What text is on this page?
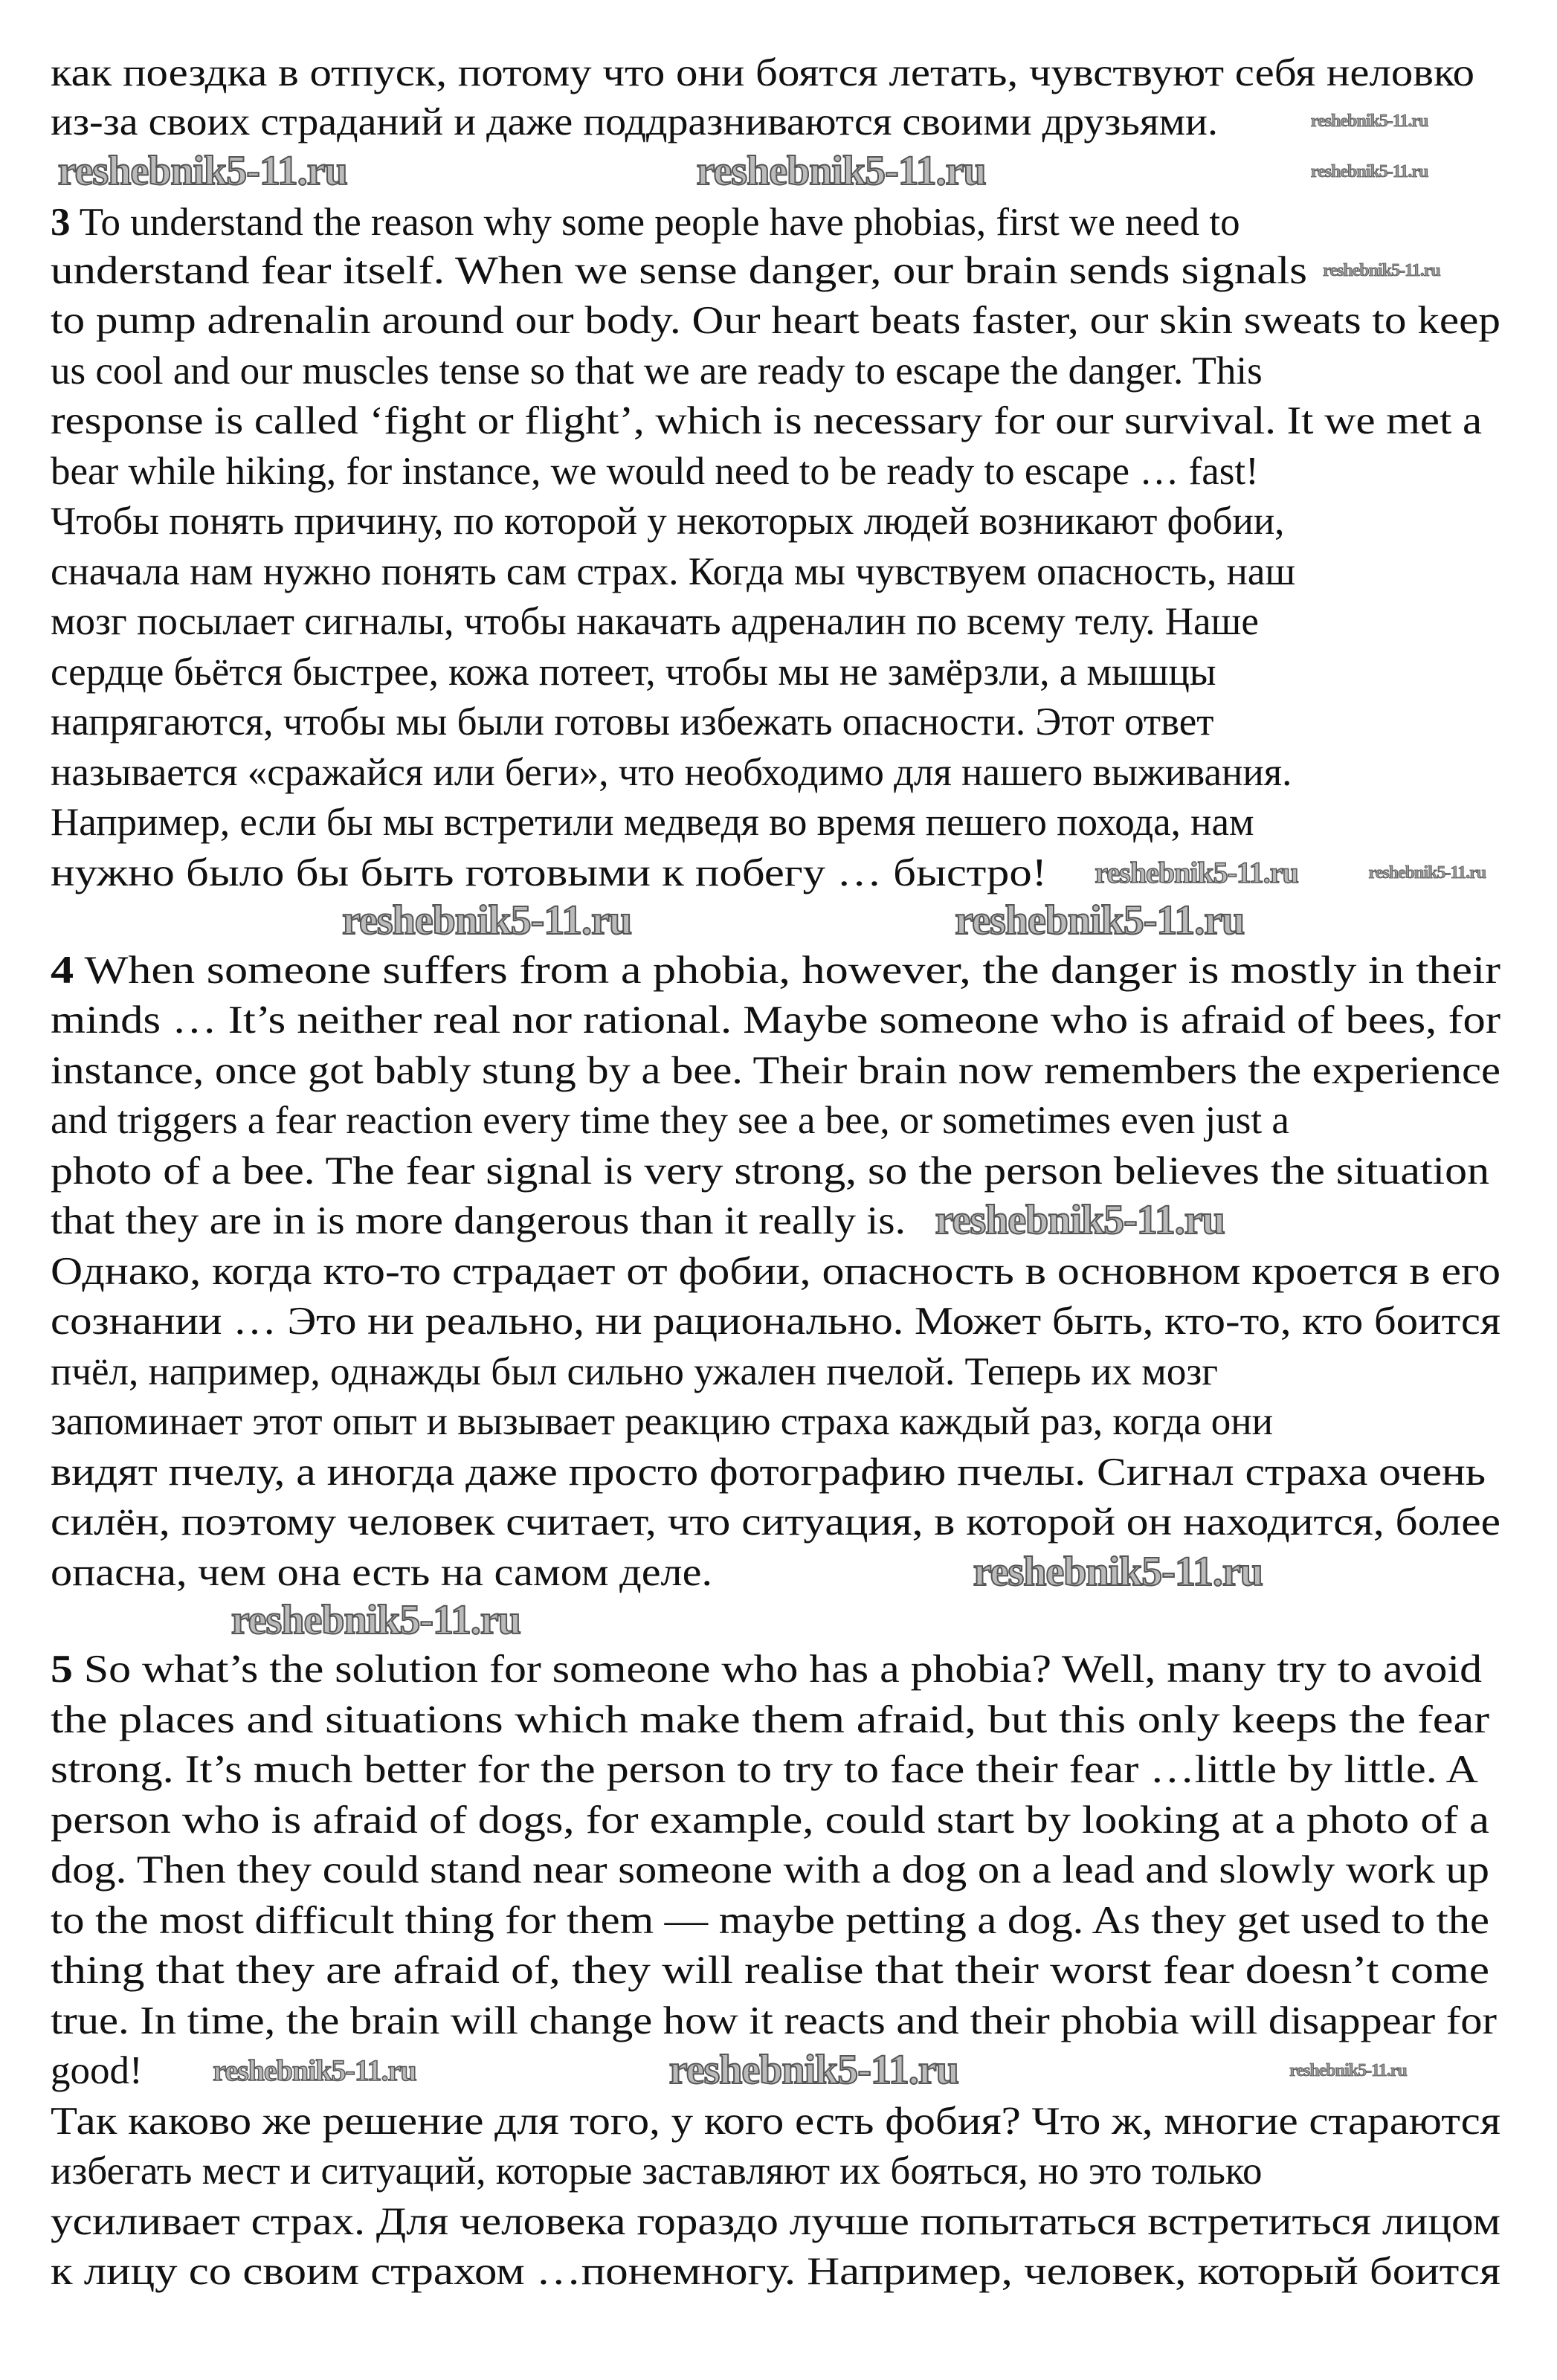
как поездка в отпуск, потому что они боятся летать, чувствуют себя неловко
из-за своих страданий и даже поддразниваются своими друзьями.
3 To understand the reason why some people have phobias, first we need to
understand fear itself. When we sense danger, our brain sends signals
to pump adrenalin around our body. Our heart beats faster, our skin sweats to keep
us cool and our muscles tense so that we are ready to escape the danger. This
response is called ‘fight or flight’, which is necessary for our survival. It we met a
bear while hiking, for instance, we would need to be ready to escape … fast!
Чтобы понять причину, по которой у некоторых людей возникают фобии,
сначала нам нужно понять сам страх. Когда мы чувствуем опасность, наш
мозг посылает сигналы, чтобы накачать адреналин по всему телу. Наше
сердце бьётся быстрее, кожа потеет, чтобы мы не замёрзли, а мышцы
напрягаются, чтобы мы были готовы избежать опасности. Этот ответ
называется «сражайся или беги», что необходимо для нашего выживания.
Например, если бы мы встретили медведя во время пешего похода, нам
нужно было бы быть готовыми к побегу … быстро!
4 When someone suffers from a phobia, however, the danger is mostly in their
minds … It’s neither real nor rational. Maybe someone who is afraid of bees, for
instance, once got bably stung by a bee. Their brain now remembers the experience
and triggers a fear reaction every time they see a bee, or sometimes even just a
photo of a bee. The fear signal is very strong, so the person believes the situation
that they are in is more dangerous than it really is.
Однако, когда кто-то страдает от фобии, опасность в основном кроется в его
сознании … Это ни реально, ни рационально. Может быть, кто-то, кто боится
пчёл, например, однажды был сильно ужален пчелой. Теперь их мозг
запоминает этот опыт и вызывает реакцию страха каждый раз, когда они
видят пчелу, а иногда даже просто фотографию пчелы. Сигнал страха очень
силён, поэтому человек считает, что ситуация, в которой он находится, более
опасна, чем она есть на самом деле.
5 So what’s the solution for someone who has a phobia? Well, many try to avoid
the places and situations which make them afraid, but this only keeps the fear
strong. It’s much better for the person to try to face their fear …little by little. A
person who is afraid of dogs, for example, could start by looking at a photo of a
dog. Then they could stand near someone with a dog on a lead and slowly work up
to the most difficult thing for them — maybe petting a dog. As they get used to the
thing that they are afraid of, they will realise that their worst fear doesn’t come
true. In time, the brain will change how it reacts and their phobia will disappear for
good!
Так каково же решение для того, у кого есть фобия? Что ж, многие стараются
избегать мест и ситуаций, которые заставляют их бояться, но это только
усиливает страх. Для человека гораздо лучше попытаться встретиться лицом
к лицу со своим страхом …понемногу. Например, человек, который боится
reshebnik5-11.ru	reshebnik5-11.ru	reshebnik5-11.ru
reshebnik5-11.ru
reshebnik5-11.ru
reshebnik5-11.ru	reshebnik5-11.ru
reshebnik5-11.ru	reshebnik5-11.ru
reshebnik5-11.ru
reshebnik5-11.ru
reshebnik5-11.ru
reshebnik5-11.ru	reshebnik5-11.ru	reshebnik5-11.ru
